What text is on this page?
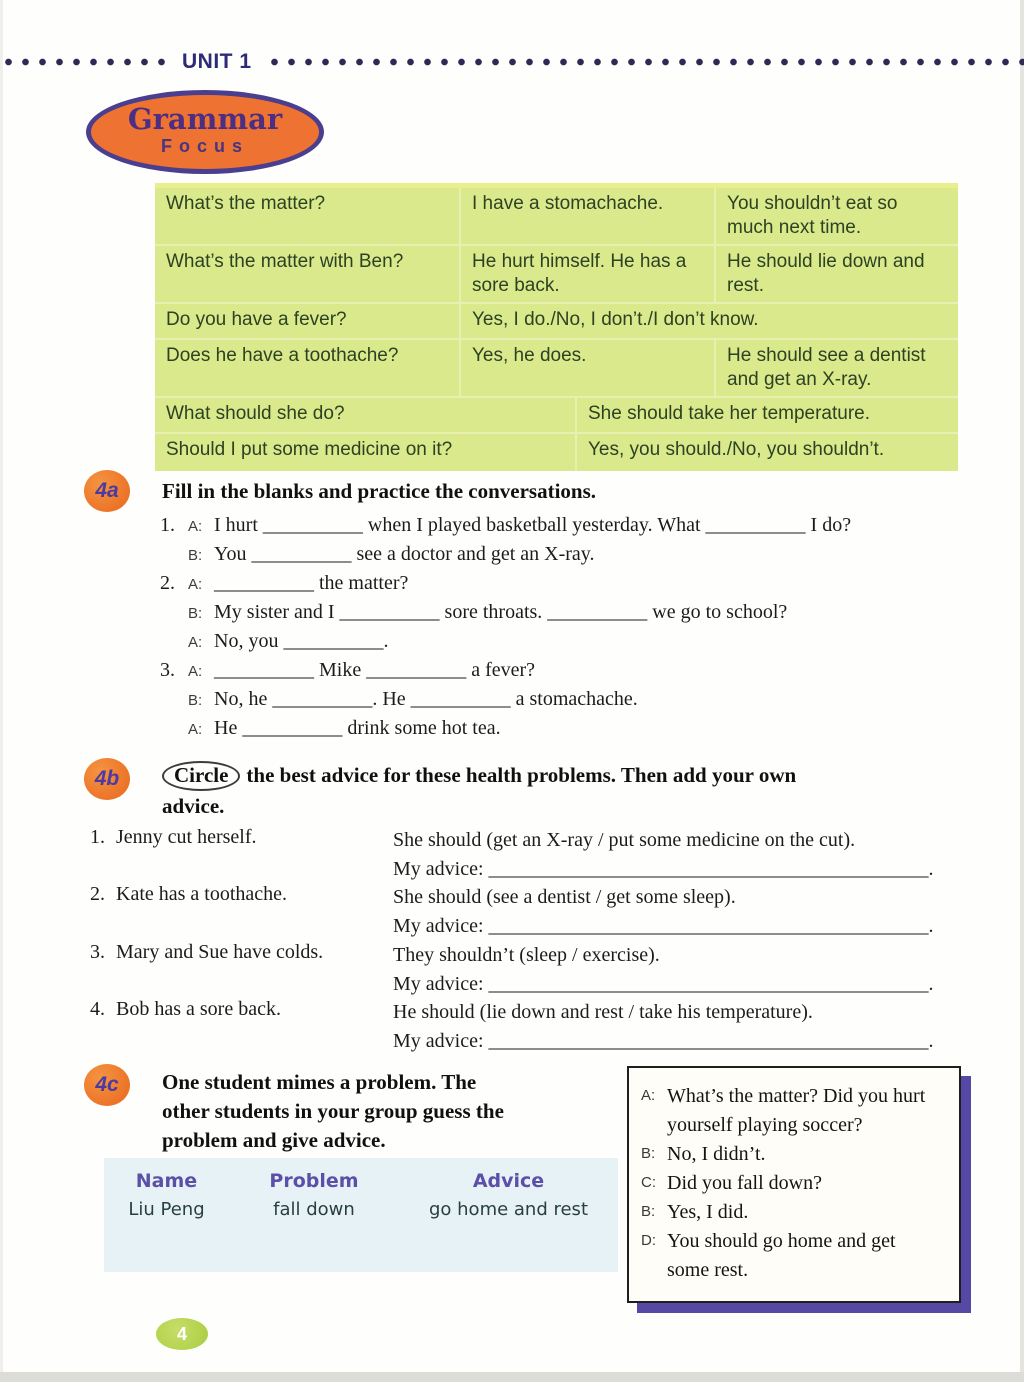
UNIT 1
Grammar
Focus
What’s the matter?	I have a stomachache.		You shouldn’t eat so much next time.
What’s the matter with Ben?	He hurt himself. He has a sore back.		He should lie down and rest.
Do you have a fever?	Yes, I do./No, I don’t./I don’t know.		
Does he have a toothache?	Yes, he does.		He should see a dentist and get an X-ray.
What should she do?		She should take her temperature.	
Should I put some medicine on it?		Yes, you should./No, you shouldn’t.	
4a	Fill in the blanks and practice the conversations.
1. A: I hurt __________ when I played basketball yesterday. What __________ I do?
B: You __________ see a doctor and get an X-ray.
2. A: __________ the matter?
B: My sister and I __________ sore throats. __________ we go to school?
A: No, you __________.
3. A: __________ Mike __________ a fever?
B: No, he __________. He __________ a stomachache.
A: He __________ drink some hot tea.
4b	Circle the best advice for these health problems. Then add your own
advice.
1. Jenny cut herself.	She should (get an X-ray / put some medicine on the cut).
My advice: ____________________________________________.
2. Kate has a toothache.	She should (see a dentist / get some sleep).
My advice: ____________________________________________.
3. Mary and Sue have colds.	They shouldn’t (sleep / exercise).
My advice: ____________________________________________.
4. Bob has a sore back.	He should (lie down and rest / take his temperature).
My advice: ____________________________________________.
4c	One student mimes a problem. The
other students in your group guess the
problem and give advice.
Name	Problem	Advice
Liu Peng	fall down	go home and rest
A: What’s the matter? Did you hurt yourself playing soccer?
B: No, I didn’t.
C: Did you fall down?
B: Yes, I did.
D: You should go home and get some rest.
4
